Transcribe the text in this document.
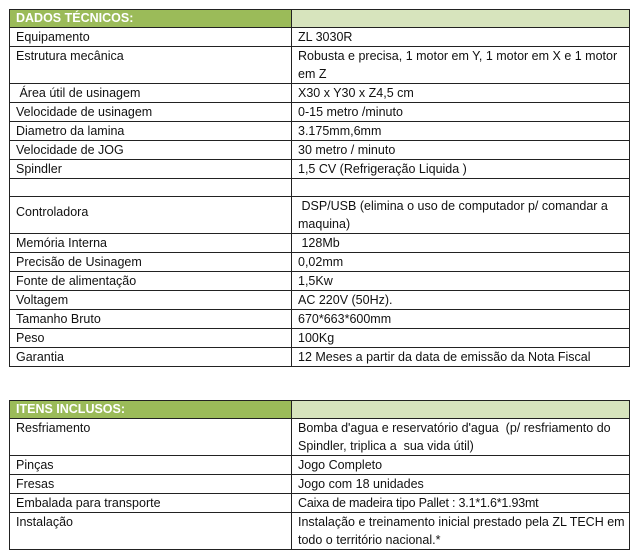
DADOS TÉCNICOS:	
Equipamento	ZL 3030R
Estrutura mecânica	Robusta e precisa, 1 motor em Y, 1 motor em X e 1 motor em Z
Área útil de usinagem	X30 x Y30 x Z4,5 cm
Velocidade de usinagem	0-15 metro /minuto
Diametro da lamina	3.175mm,6mm
Velocidade de JOG	30 metro / minuto
Spindler	1,5 CV (Refrigeração Liquida )

Controladora	DSP/USB (elimina o uso de computador p/ comandar a maquina)
Memória Interna	128Mb
Precisão de Usinagem	0,02mm
Fonte de alimentação	1,5Kw
Voltagem	AC 220V (50Hz).
Tamanho Bruto	670*663*600mm
Peso	100Kg
Garantia	12 Meses a partir da data de emissão da Nota Fiscal
ITENS INCLUSOS:	
Resfriamento	Bomba d'agua e reservatório d'agua  (p/ resfriamento do Spindler, triplica a  sua vida útil)
Pinças	Jogo Completo
Fresas	Jogo com 18 unidades
Embalada para transporte	Caixa de madeira tipo Pallet : 3.1*1.6*1.93mt
Instalação	Instalação e treinamento inicial prestado pela ZL TECH em todo o território nacional.*
